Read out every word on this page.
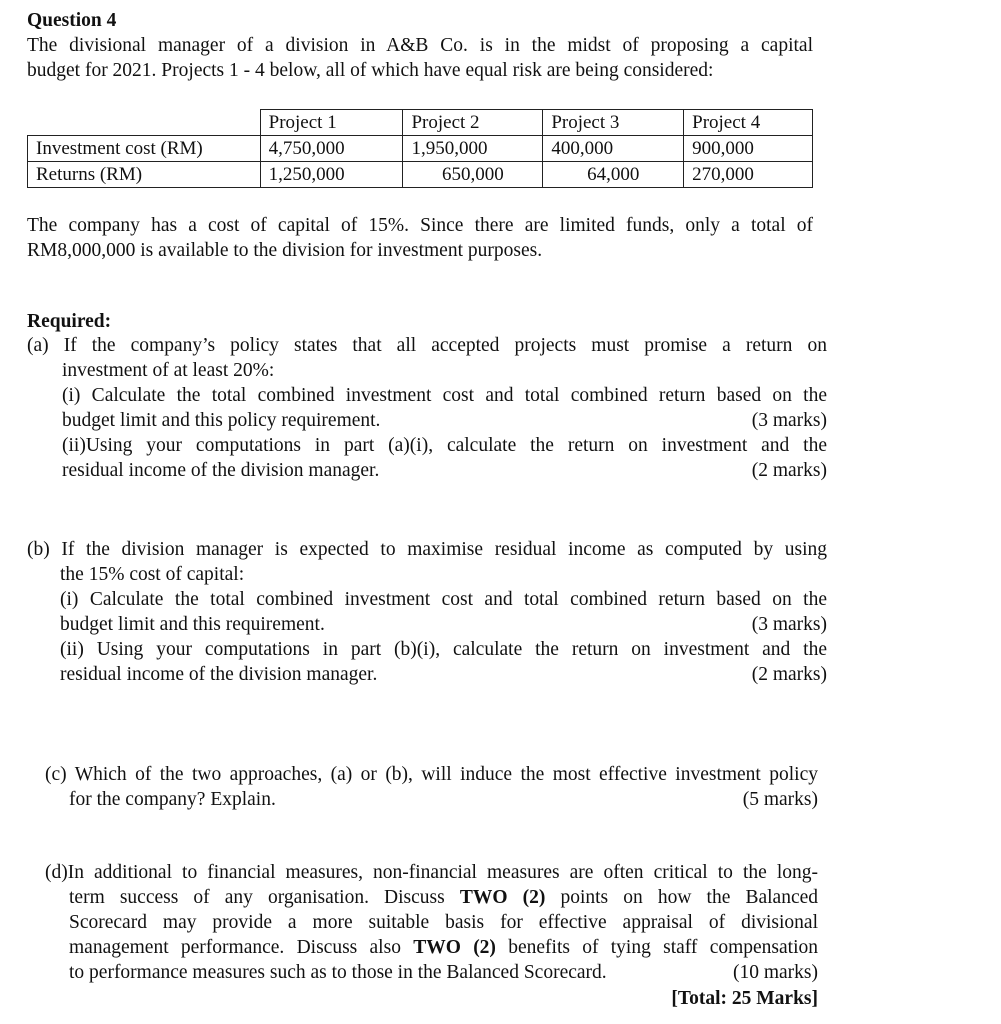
Question 4
The divisional manager of a division in A&B Co. is in the midst of proposing a capital
budget for 2021. Projects 1 - 4 below, all of which have equal risk are being considered:
	Project 1	Project 2	Project 3	Project 4
Investment cost (RM)	4,750,000	1,950,000	400,000	900,000
Returns (RM)	1,250,000	650,000	64,000	270,000
The company has a cost of capital of 15%. Since there are limited funds, only a total of
RM8,000,000 is available to the division for investment purposes.
Required:
(a) If the company’s policy states that all accepted projects must promise a return on
investment of at least 20%:
(i) Calculate the total combined investment cost and total combined return based on the
budget limit and this policy requirement.	(3 marks)
(ii)Using your computations in part (a)(i), calculate the return on investment and the
residual income of the division manager.	(2 marks)
(b) If the division manager is expected to maximise residual income as computed by using
the 15% cost of capital:
(i) Calculate the total combined investment cost and total combined return based on the
budget limit and this requirement.	(3 marks)
(ii) Using your computations in part (b)(i), calculate the return on investment and the
residual income of the division manager.	(2 marks)
(c) Which of the two approaches, (a) or (b), will induce the most effective investment policy
for the company? Explain.	(5 marks)
(d)In additional to financial measures, non-financial measures are often critical to the long-
term success of any organisation. Discuss TWO (2) points on how the Balanced
Scorecard may provide a more suitable basis for effective appraisal of divisional
management performance. Discuss also TWO (2) benefits of tying staff compensation
to performance measures such as to those in the Balanced Scorecard.	(10 marks)
[Total: 25 Marks]
